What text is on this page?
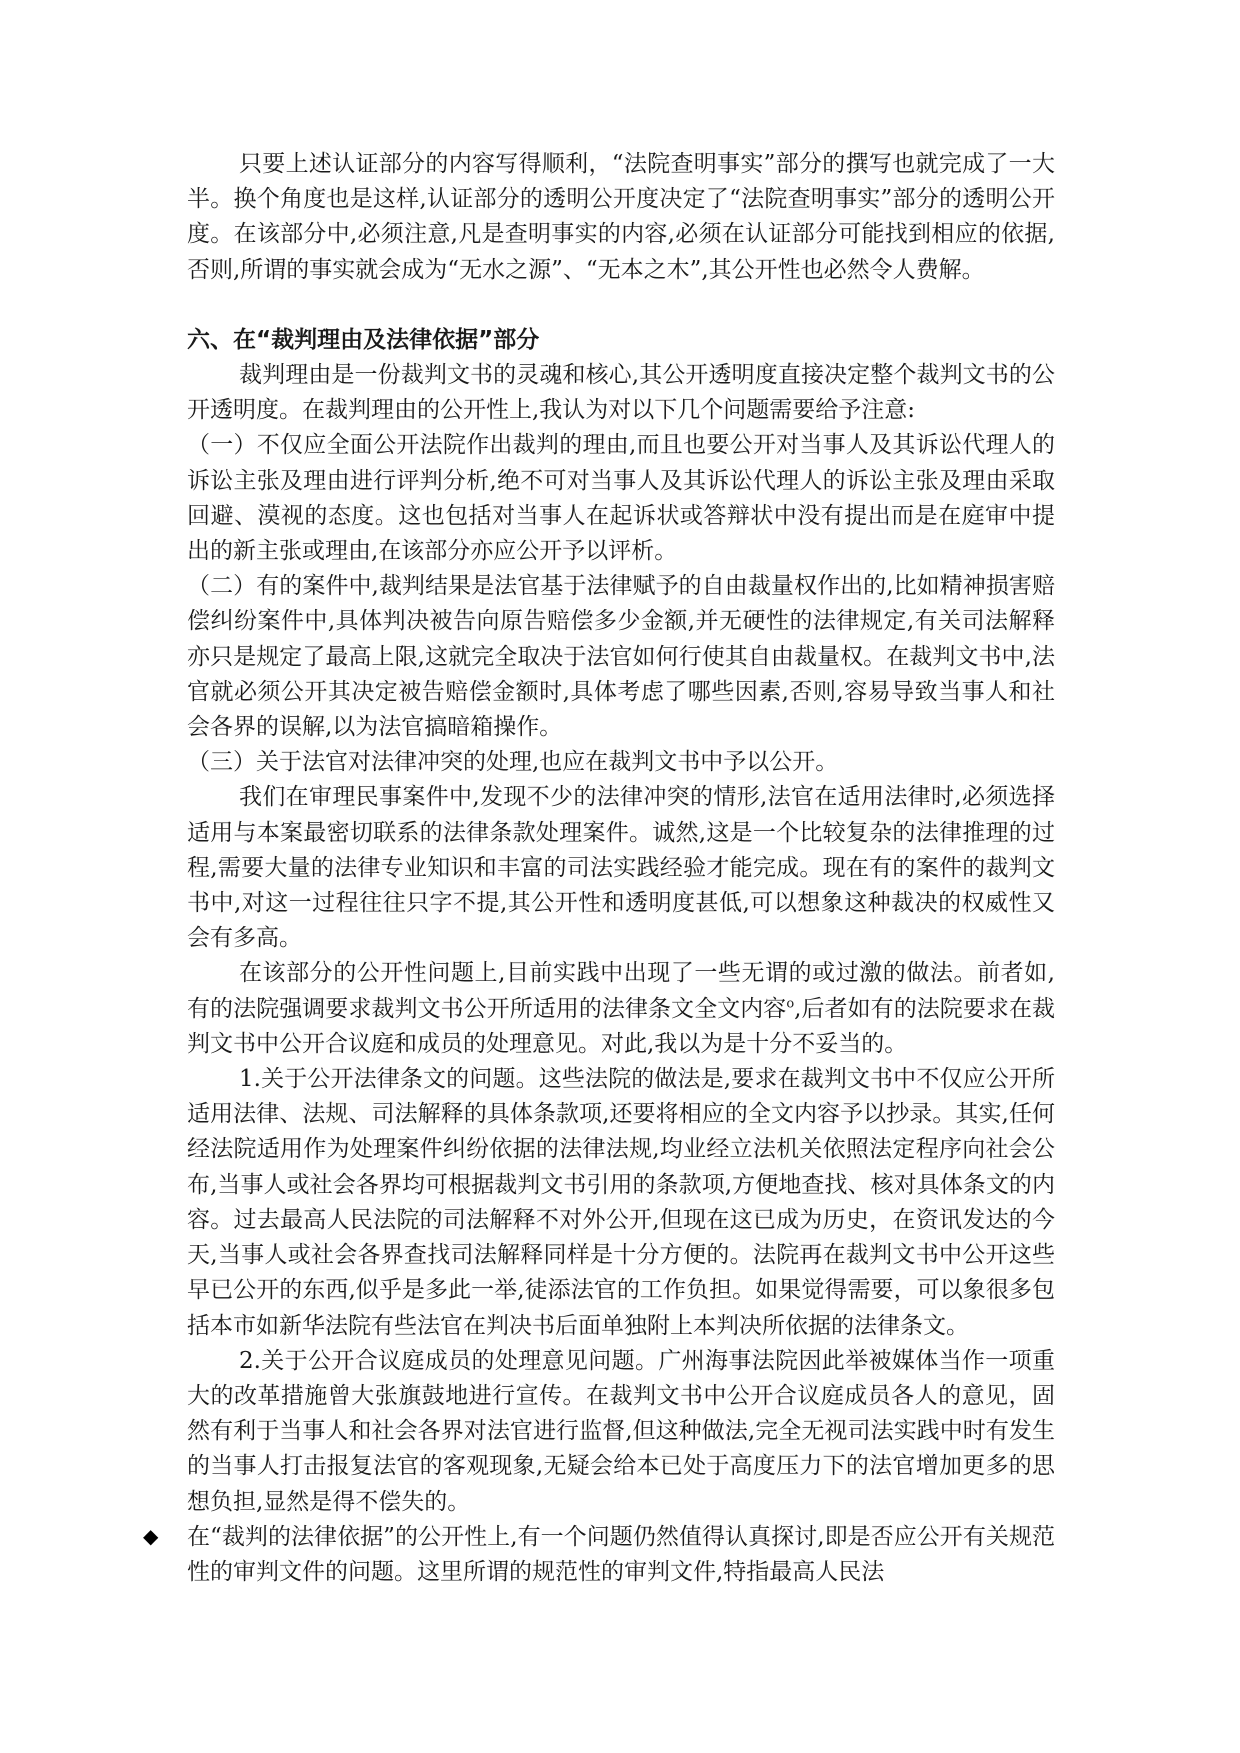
只要上述认证部分的内容写得顺利，“法院查明事实”部分的撰写也就完成了一大半。换个角度也是这样,认证部分的透明公开度决定了“法院查明事实”部分的透明公开度。在该部分中,必须注意,凡是查明事实的内容,必须在认证部分可能找到相应的依据,否则,所谓的事实就会成为“无水之源”、“无本之木”,其公开性也必然令人费解。

六、在“裁判理由及法律依据”部分

裁判理由是一份裁判文书的灵魂和核心,其公开透明度直接决定整个裁判文书的公开透明度。在裁判理由的公开性上,我认为对以下几个问题需要给予注意:

（一）不仅应全面公开法院作出裁判的理由,而且也要公开对当事人及其诉讼代理人的诉讼主张及理由进行评判分析,绝不可对当事人及其诉讼代理人的诉讼主张及理由采取回避、漠视的态度。这也包括对当事人在起诉状或答辩状中没有提出而是在庭审中提出的新主张或理由,在该部分亦应公开予以评析。

（二）有的案件中,裁判结果是法官基于法律赋予的自由裁量权作出的,比如精神损害赔偿纠纷案件中,具体判决被告向原告赔偿多少金额,并无硬性的法律规定,有关司法解释亦只是规定了最高上限,这就完全取决于法官如何行使其自由裁量权。在裁判文书中,法官就必须公开其决定被告赔偿金额时,具体考虑了哪些因素,否则,容易导致当事人和社会各界的误解,以为法官搞暗箱操作。

（三）关于法官对法律冲突的处理,也应在裁判文书中予以公开。

我们在审理民事案件中,发现不少的法律冲突的情形,法官在适用法律时,必须选择适用与本案最密切联系的法律条款处理案件。诚然,这是一个比较复杂的法律推理的过程,需要大量的法律专业知识和丰富的司法实践经验才能完成。现在有的案件的裁判文书中,对这一过程往往只字不提,其公开性和透明度甚低,可以想象这种裁决的权威性又会有多高。

在该部分的公开性问题上,目前实践中出现了一些无谓的或过激的做法。前者如,有的法院强调要求裁判文书公开所适用的法律条文全文内容$^o$,后者如有的法院要求在裁判文书中公开合议庭和成员的处理意见。对此,我以为是十分不妥当的。

1.关于公开法律条文的问题。这些法院的做法是,要求在裁判文书中不仅应公开所适用法律、法规、司法解释的具体条款项,还要将相应的全文内容予以抄录。其实,任何经法院适用作为处理案件纠纷依据的法律法规,均业经立法机关依照法定程序向社会公布,当事人或社会各界均可根据裁判文书引用的条款项,方便地查找、核对具体条文的内容。过去最高人民法院的司法解释不对外公开,但现在这已成为历史，在资讯发达的今天,当事人或社会各界查找司法解释同样是十分方便的。法院再在裁判文书中公开这些早已公开的东西,似乎是多此一举,徒添法官的工作负担。如果觉得需要，可以象很多包括本市如新华法院有些法官在判决书后面单独附上本判决所依据的法律条文。

2.关于公开合议庭成员的处理意见问题。广州海事法院因此举被媒体当作一项重大的改革措施曾大张旗鼓地进行宣传。在裁判文书中公开合议庭成员各人的意见，固然有利于当事人和社会各界对法官进行监督,但这种做法,完全无视司法实践中时有发生的当事人打击报复法官的客观现象,无疑会给本已处于高度压力下的法官增加更多的思想负担,显然是得不偿失的。

◆ 在“裁判的法律依据”的公开性上,有一个问题仍然值得认真探讨,即是否应公开有关规范性的审判文件的问题。这里所谓的规范性的审判文件,特指最高人民法
